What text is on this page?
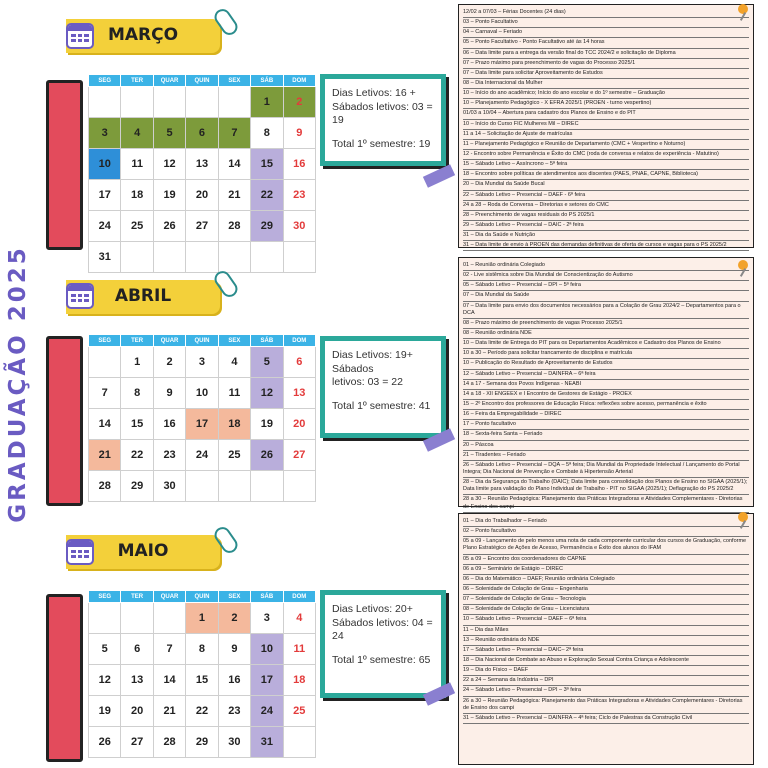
GRADUAÇÃO 2025
MARÇO
SEG	TER	QUAR	QUIN	SEX	SÁB	DOM
					1	2
3	4	5	6	7	8	9
10	11	12	13	14	15	16
17	18	19	20	21	22	23
24	25	26	27	28	29	30
31						

Dias Letivos: 16 +

Sábados letivos: 03 = 19

Total 1º semestre: 19

12/02 a 07/03 – Férias Docentes (24 dias)
03 – Ponto Facultativo
04 – Carnaval – Feriado
05 – Ponto Facultativo - Ponto Facultativo até às 14 horas
06 – Data limite para a entrega da versão final do TCC 2024/2 e solicitação de Diploma
07 – Prazo máximo para preenchimento de vagas do Processo 2025/1
07 – Data limite para solicitar Aproveitamento de Estudos
08 – Dia Internacional da Mulher
10 – Início do ano acadêmico; Início do ano escolar e do 1º semestre – Graduação
10 – Planejamento Pedagógico - X EFRA 2025/1 (PROEN - turno vespertino)
01/03 a 10/04 – Abertura para cadastro dos Planos de Ensino e do PIT
10 – Início do Curso FIC Mulheres Mil – DIREC
11 a 14 – Solicitação de Ajuste de matrículas
11 – Planejamento Pedagógico e Reunião de Departamento (CMC + Vespertino e Noturno)
12 - Encontro sobre Permanência e Êxito do CMC (roda de conversa e relatos de experiência - Matutino)
15 – Sábado Letivo – Assíncrono – 5ª feira
18 – Encontro sobre políticas de atendimentos aos discentes (PAES, PNAE, CAPNE, Biblioteca)
20 – Dia Mundial da Saúde Bucal
22 – Sábado Letivo – Presencial – DAEF - 6ª feira
24 a 28 – Roda de Conversa – Diretorias e setores do CMC
28 – Preenchimento de vagas residuais do PS 2025/1
29 – Sábado Letivo – Presencial – DAIC - 2ª feira
31 – Dia da Saúde e Nutrição
31 – Data limite de envio à PROEN das demandas definitivas de oferta de cursos e vagas para o PS 2025/2
ABRIL
SEG	TER	QUAR	QUIN	SEX	SÁB	DOM
	1	2	3	4	5	6
7	8	9	10	11	12	13
14	15	16	17	18	19	20
21	22	23	24	25	26	27
28	29	30				

Dias Letivos: 19+ Sábados

letivos: 03 = 22

Total 1º semestre: 41

01 – Reunião ordinária Colegiado
02 - Live sistêmica sobre Dia Mundial de Conscientização do Autismo
05 – Sábado Letivo – Presencial – DPI – 5ª feira
07 – Dia Mundial da Saúde
07 – Data limite para envio dos documentos necessários para a Colação de Grau 2024/2 – Departamentos para o DCA
08 – Prazo máximo de preenchimento de vagas Processo 2025/1
08 – Reunião ordinária NDE
10 – Data limite de Entrega do PIT para os Departamentos Acadêmicos e Cadastro dos Planos de Ensino
10 a 30 – Período para solicitar trancamento de disciplina e matrícula
10 – Publicação do Resultado de Aproveitamento de Estudos
12 – Sábado Letivo – Presencial – DAINFRA – 6ª feira
14 a 17 - Semana dos Povos Indígenas - NEABI
14 a 18 - XII ENGEEX e I Encontro de Gestores de Estágio - PROEX
15 – 2º Encontro dos professores de Educação Física: reflexões sobre acesso, permanência e êxito
16 – Feira da Empregabilidade – DIREC
17 – Ponto facultativo
18 – Sexta-feira Santa – Feriado
20 – Páscoa
21 – Tiradentes – Feriado
26 – Sábado Letivo – Presencial – DQA – 5ª feira; Dia Mundial da Propriedade Intelectual / Lançamento do Portal Integra; Dia Nacional de Prevenção e Combate à Hipertensão Arterial
28 – Dia da Segurança do Trabalho (DAIC); Data limite para consolidação dos Planos de Ensino no SIGAA (2025/1); Data limite para validação do Plano Individual de Trabalho - PIT no SIGAA (2025/1); Deflagração do PS 2025/2
28 a 30 – Reunião Pedagógica: Planejamento das Práticas Integradoras e Atividades Complementares - Diretorias de Ensino dos campi
MAIO
SEG	TER	QUAR	QUIN	SEX	SÁB	DOM
			1	2	3	4
5	6	7	8	9	10	11
12	13	14	15	16	17	18
19	20	21	22	23	24	25
26	27	28	29	30	31	

Dias Letivos: 20+

Sábados letivos: 04 = 24

Total 1º semestre: 65

01 – Dia do Trabalhador – Feriado
02 – Ponto facultativo
05 a 09 - Lançamento de pelo menos uma nota de cada componente curricular dos cursos de Graduação, conforme Plano Estratégico de Ações de Acesso, Permanência e Êxito dos alunos do IFAM
05 a 09 – Encontro dos coordenadores do CAPNE
06 a 09 – Seminário de Estágio – DIREC
06 – Dia do Matemático – DAEF; Reunião ordinária Colegiado
06 – Solenidade de Colação de Grau – Engenharia
07 – Solenidade de Colação de Grau – Tecnologia
08 – Solenidade de Colação de Grau – Licenciatura
10 – Sábado Letivo – Presencial – DAEF – 6ª feira
11 – Dia das Mães
13 – Reunião ordinária do NDE
17 – Sábado Letivo – Presencial – DAIC– 2ª feira
18 – Dia Nacional de Combate ao Abuso e Exploração Sexual Contra Criança e Adolescente
19 – Dia do Físico – DAEF
22 a 24 – Semana da Indústria – DPI
24 – Sábado Letivo – Presencial – DPI – 3ª feira
26 a 30 – Reunião Pedagógica: Planejamento das Práticas Integradoras e Atividades Complementares - Diretorias de Ensino dos campi
31 – Sábado Letivo – Presencial – DAINFRA – 4ª feira; Ciclo de Palestras da Construção Civil
